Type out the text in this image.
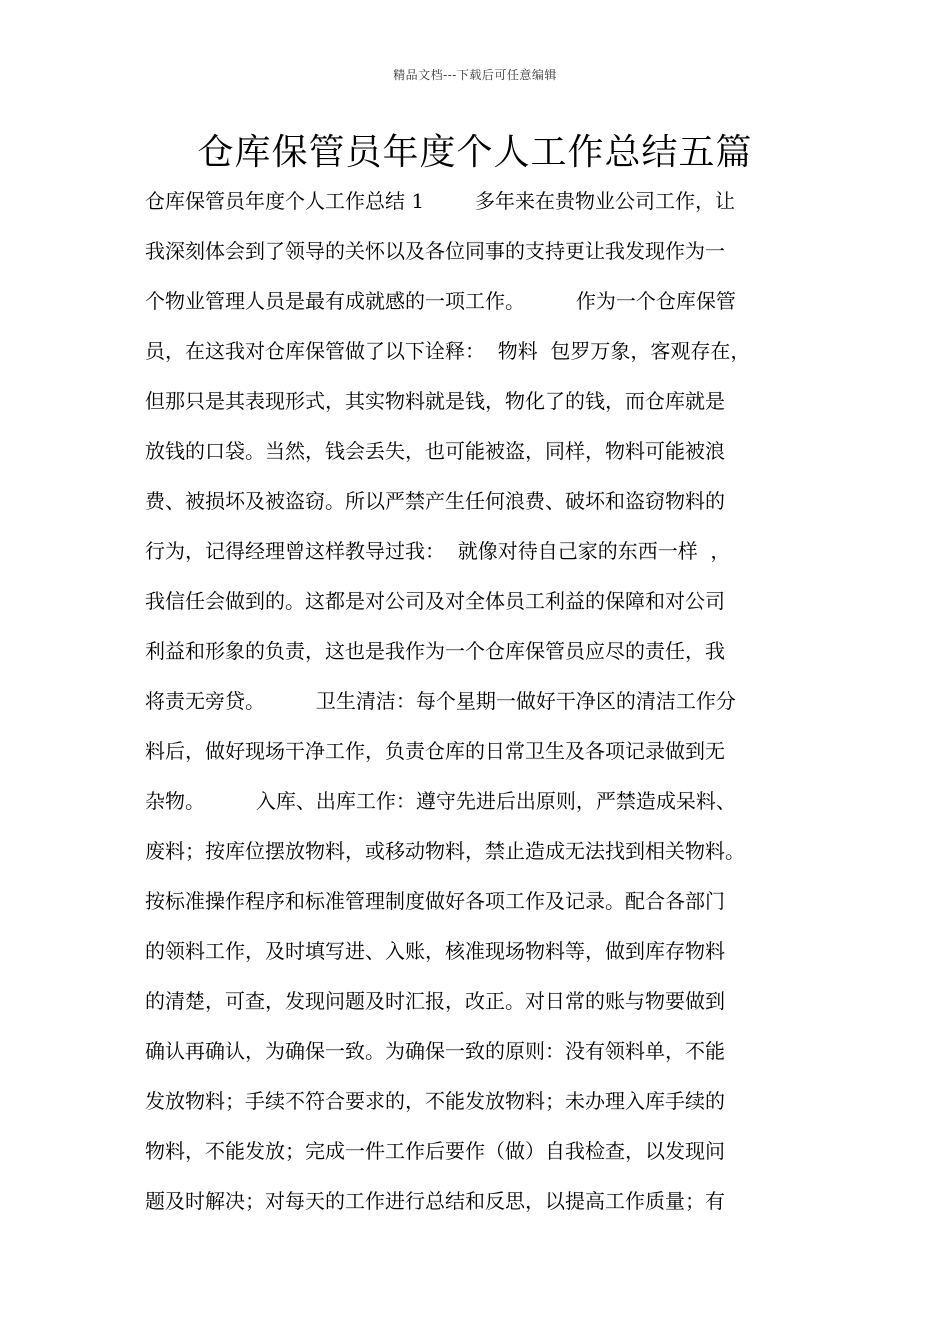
精品文档---下载后可任意编辑
仓库保管员年度个人工作总结五篇
仓库保管员年度个人工作总结 1        多年来在贵物业公司工作，让
我深刻体会到了领导的关怀以及各位同事的支持更让我发现作为一
个物业管理人员是最有成就感的一项工作。        作为一个仓库保管
员，在这我对仓库保管做了以下诠释：  物料  包罗万象，客观存在，
但那只是其表现形式，其实物料就是钱，物化了的钱，而仓库就是
放钱的口袋。当然，钱会丢失，也可能被盗，同样，物料可能被浪
费、被损坏及被盗窃。所以严禁产生任何浪费、破坏和盗窃物料的
行为，记得经理曾这样教导过我：  就像对待自己家的东西一样  ，
我信任会做到的。这都是对公司及对全体员工利益的保障和对公司
利益和形象的负责，这也是我作为一个仓库保管员应尽的责任，我
将责无旁贷。        卫生清洁：每个星期一做好干净区的清洁工作分
料后，做好现场干净工作，负责仓库的日常卫生及各项记录做到无
杂物。        入库、出库工作：遵守先进后出原则，严禁造成呆料、
废料；按库位摆放物料，或移动物料，禁止造成无法找到相关物料。
按标准操作程序和标准管理制度做好各项工作及记录。配合各部门
的领料工作，及时填写进、入账，核准现场物料等，做到库存物料
的清楚，可查，发现问题及时汇报，改正。对日常的账与物要做到
确认再确认，为确保一致。为确保一致的原则：没有领料单，不能
发放物料；手续不符合要求的，不能发放物料；未办理入库手续的
物料，不能发放；完成一件工作后要作（做）自我检查，以发现问
题及时解决；对每天的工作进行总结和反思，以提高工作质量；有
